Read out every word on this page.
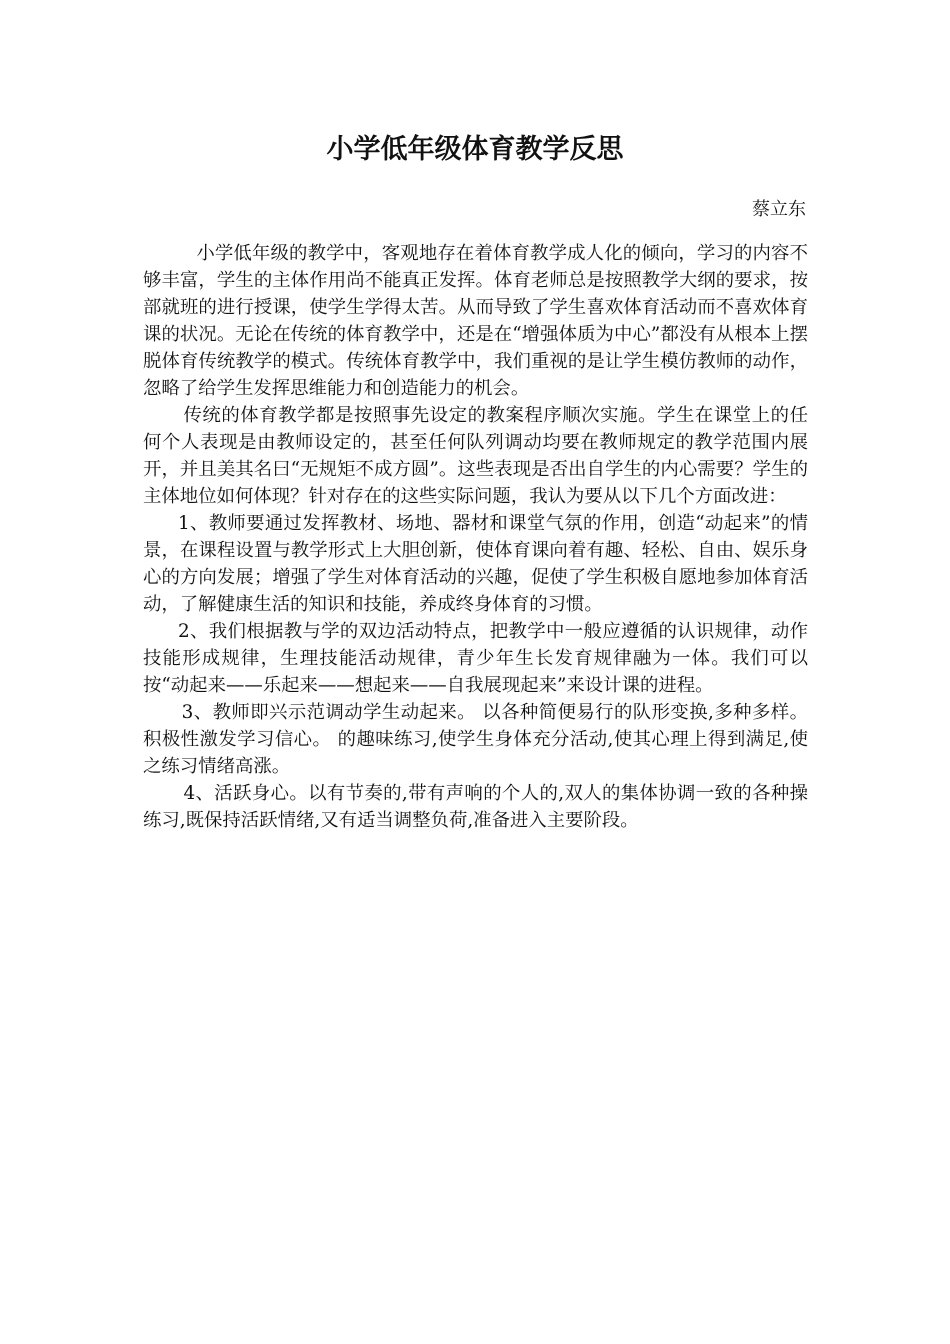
小学低年级体育教学反思
蔡立东

小学低年级的教学中，客观地存在着体育教学成人化的倾向，学习的内容不够丰富，学生的主体作用尚不能真正发挥。体育老师总是按照教学大纲的要求，按部就班的进行授课，使学生学得太苦。从而导致了学生喜欢体育活动而不喜欢体育课的状况。无论在传统的体育教学中，还是在“增强体质为中心”都没有从根本上摆脱体育传统教学的模式。传统体育教学中，我们重视的是让学生模仿教师的动作，忽略了给学生发挥思维能力和创造能力的机会。

传统的体育教学都是按照事先设定的教案程序顺次实施。学生在课堂上的任何个人表现是由教师设定的，甚至任何队列调动均要在教师规定的教学范围内展开，并且美其名曰“无规矩不成方圆”。这些表现是否出自学生的内心需要？学生的主体地位如何体现？针对存在的这些实际问题，我认为要从以下几个方面改进：

1、教师要通过发挥教材、场地、器材和课堂气氛的作用，创造“动起来”的情景，在课程设置与教学形式上大胆创新，使体育课向着有趣、轻松、自由、娱乐身心的方向发展；增强了学生对体育活动的兴趣，促使了学生积极自愿地参加体育活动，了解健康生活的知识和技能，养成终身体育的习惯。

2、我们根据教与学的双边活动特点，把教学中一般应遵循的认识规律，动作技能形成规律，生理技能活动规律，青少年生长发育规律融为一体。我们可以按“动起来——乐起来——想起来——自我展现起来”来设计课的进程。

3、教师即兴示范调动学生动起来。 以各种简便易行的队形变换,多种多样。积极性激发学习信心。 的趣味练习,使学生身体充分活动,使其心理上得到满足,使之练习情绪高涨。

4、活跃身心。以有节奏的,带有声响的个人的,双人的集体协调一致的各种操练习,既保持活跃情绪,又有适当调整负荷,准备进入主要阶段。
